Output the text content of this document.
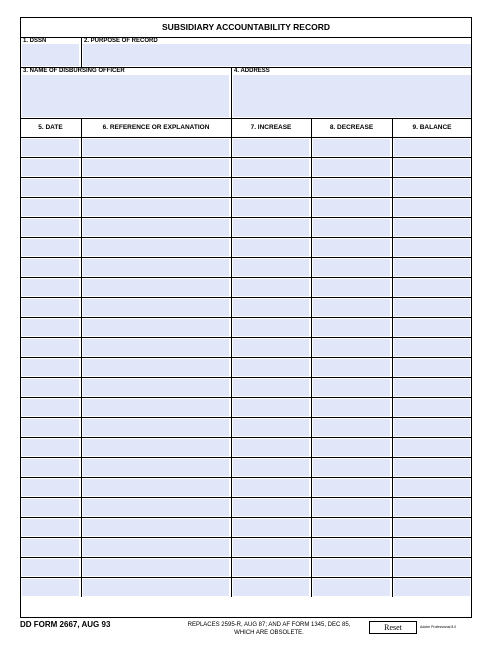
SUBSIDIARY ACCOUNTABILITY RECORD
1. DSSN	2. PURPOSE OF RECORD
3. NAME OF DISBURSING OFFICER	4. ADDRESS
5. DATE	6. REFERENCE OR EXPLANATION	7. INCREASE	8. DECREASE	9. BALANCE
DD FORM 2667, AUG 93	REPLACES 2595-R, AUG 87; AND AF FORM 1345, DEC 85,
WHICH ARE OBSOLETE.
Reset	Adobe Professional 8.0
